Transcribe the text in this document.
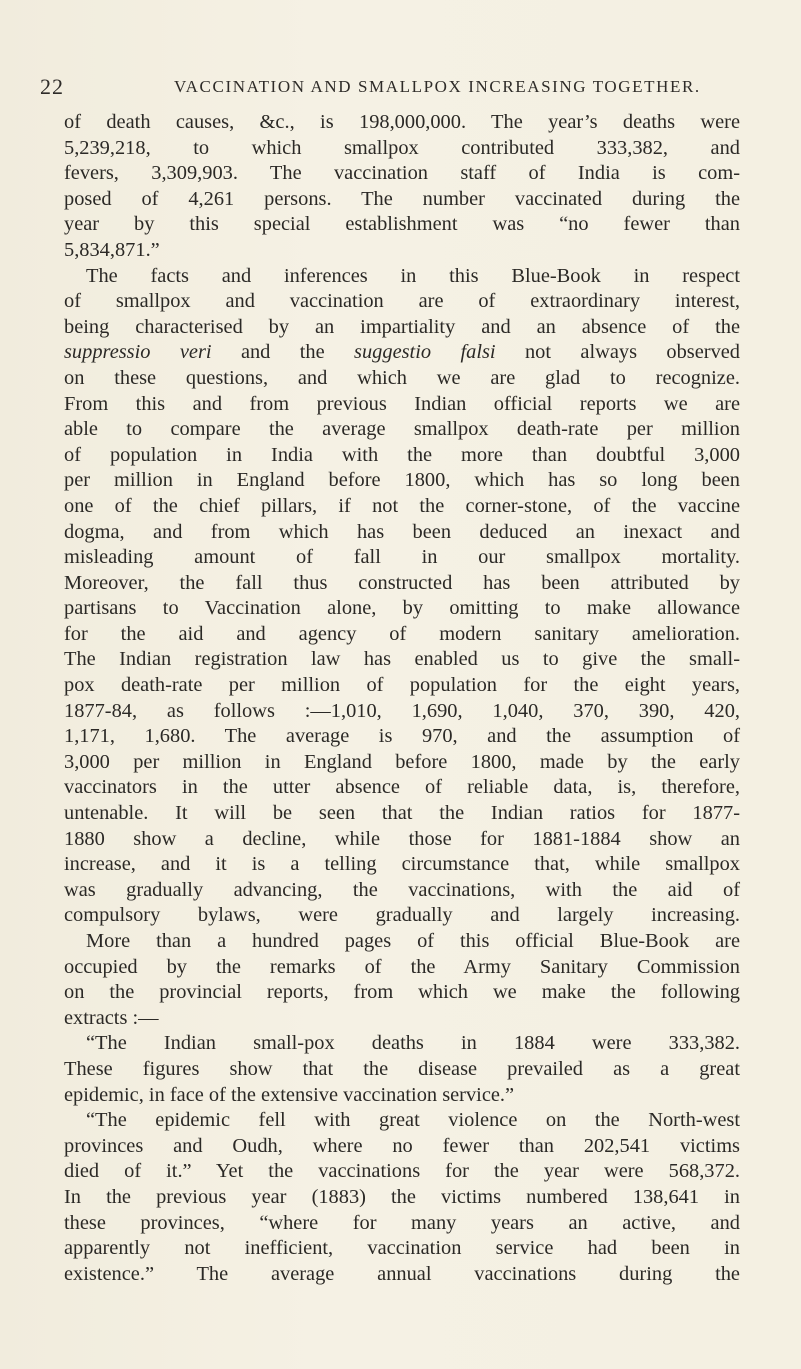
22	VACCINATION AND SMALLPOX INCREASING TOGETHER.
of death causes, &c., is 198,000,000. The year’s deaths were
5,239,218, to which smallpox contributed 333,382, and
fevers, 3,309,903. The vaccination staff of India is com-
posed of 4,261 persons. The number vaccinated during the
year by this special establishment was “no fewer than
5,834,871.”
The facts and inferences in this Blue-Book in respect
of smallpox and vaccination are of extraordinary interest,
being characterised by an impartiality and an absence of the
suppressio veri and the suggestio falsi not always observed
on these questions, and which we are glad to recognize.
From this and from previous Indian official reports we are
able to compare the average smallpox death-rate per million
of population in India with the more than doubtful 3,000
per million in England before 1800, which has so long been
one of the chief pillars, if not the corner-stone, of the vaccine
dogma, and from which has been deduced an inexact and
misleading amount of fall in our smallpox mortality.
Moreover, the fall thus constructed has been attributed by
partisans to Vaccination alone, by omitting to make allowance
for the aid and agency of modern sanitary amelioration.
The Indian registration law has enabled us to give the small-
pox death-rate per million of population for the eight years,
1877-84, as follows :—1,010, 1,690, 1,040, 370, 390, 420,
1,171, 1,680. The average is 970, and the assumption of
3,000 per million in England before 1800, made by the early
vaccinators in the utter absence of reliable data, is, therefore,
untenable. It will be seen that the Indian ratios for 1877-
1880 show a decline, while those for 1881-1884 show an
increase, and it is a telling circumstance that, while smallpox
was gradually advancing, the vaccinations, with the aid of
compulsory bylaws, were gradually and largely increasing.
More than a hundred pages of this official Blue-Book are
occupied by the remarks of the Army Sanitary Commission
on the provincial reports, from which we make the following
extracts :—
“The Indian small-pox deaths in 1884 were 333,382.
These figures show that the disease prevailed as a great
epidemic, in face of the extensive vaccination service.”
“The epidemic fell with great violence on the North-west
provinces and Oudh, where no fewer than 202,541 victims
died of it.” Yet the vaccinations for the year were 568,372.
In the previous year (1883) the victims numbered 138,641 in
these provinces, “where for many years an active, and
apparently not inefficient, vaccination service had been in
existence.” The average annual vaccinations during the
